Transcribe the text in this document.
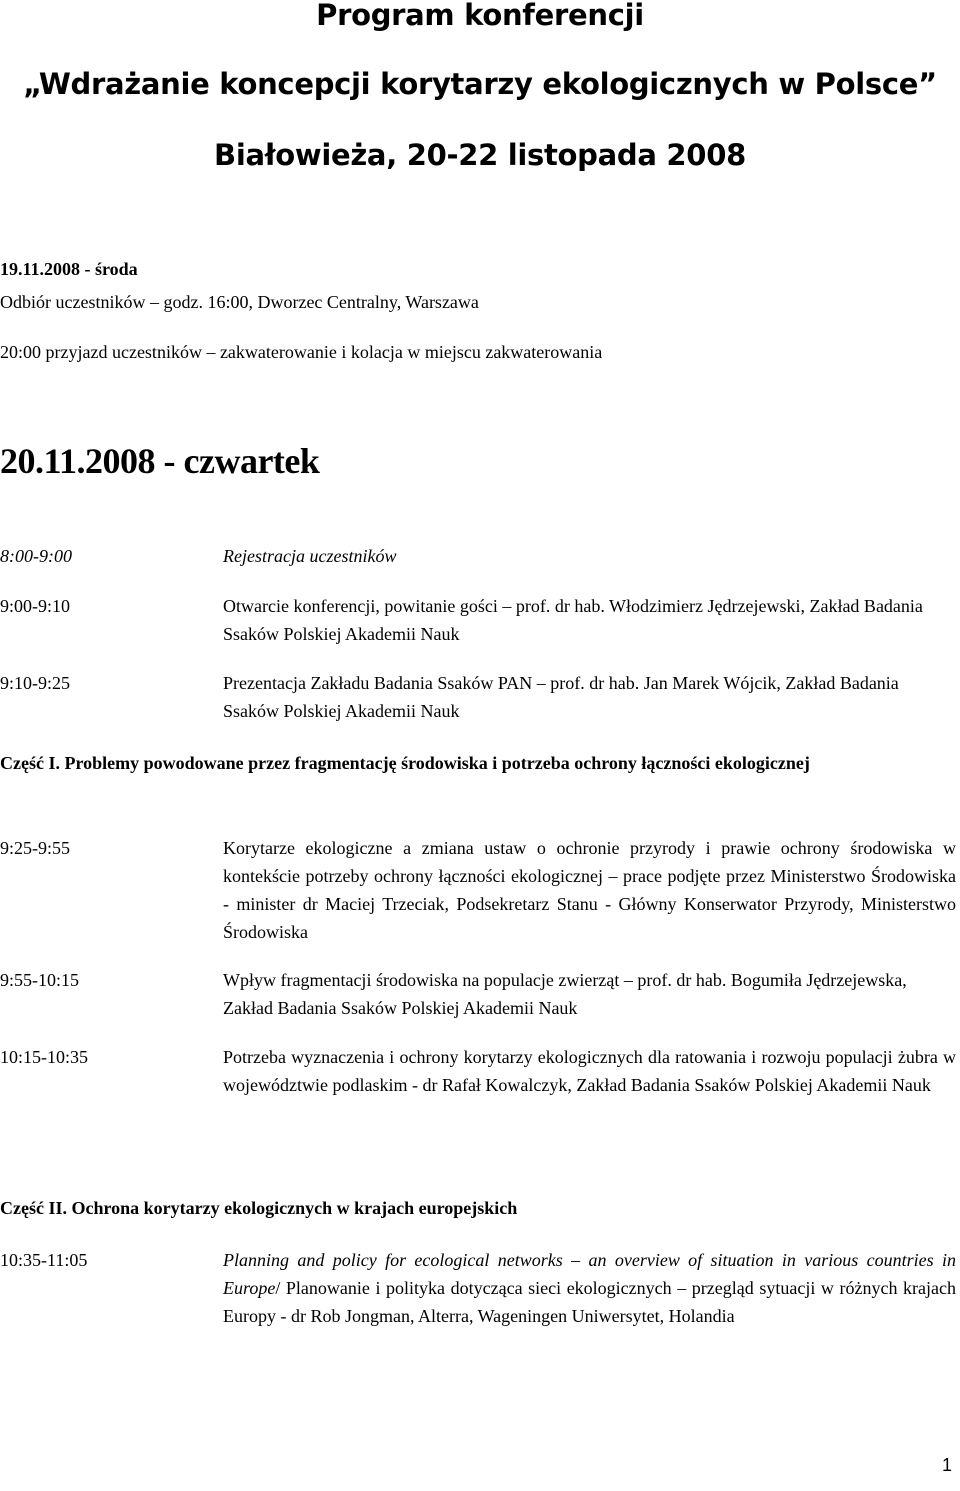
Program konferencji
„Wdrażanie koncepcji korytarzy ekologicznych w Polsce”
Białowieża, 20-22 listopada 2008
19.11.2008 - środa
Odbiór uczestników – godz. 16:00, Dworzec Centralny, Warszawa
20:00 przyjazd uczestników – zakwaterowanie i kolacja w miejscu zakwaterowania
20.11.2008 - czwartek
8:00-9:00	Rejestracja uczestników
9:00-9:10	Otwarcie konferencji, powitanie gości – prof. dr hab. Włodzimierz Jędrzejewski, Zakład Badania Ssaków Polskiej Akademii Nauk
9:10-9:25	Prezentacja Zakładu Badania Ssaków PAN – prof. dr hab. Jan Marek Wójcik, Zakład Badania Ssaków Polskiej Akademii Nauk
Część I. Problemy powodowane przez fragmentację środowiska i potrzeba ochrony łączności ekologicznej
9:25-9:55	Korytarze ekologiczne a zmiana ustaw o ochronie przyrody i prawie ochrony środowiska w kontekście potrzeby ochrony łączności ekologicznej – prace podjęte przez Ministerstwo Środowiska - minister dr Maciej Trzeciak, Podsekretarz Stanu - Główny Konserwator Przyrody, Ministerstwo Środowiska
9:55-10:15	Wpływ fragmentacji środowiska na populacje zwierząt – prof. dr hab. Bogumiła Jędrzejewska, Zakład Badania Ssaków Polskiej Akademii Nauk
10:15-10:35	Potrzeba wyznaczenia i ochrony korytarzy ekologicznych dla ratowania i rozwoju populacji żubra w województwie podlaskim - dr Rafał Kowalczyk, Zakład Badania Ssaków Polskiej Akademii Nauk
Część II. Ochrona korytarzy ekologicznych w krajach europejskich
10:35-11:05	Planning and policy for ecological networks – an overview of situation in various countries in Europe/ Planowanie i polityka dotycząca sieci ekologicznych – przegląd sytuacji w różnych krajach Europy - dr Rob Jongman, Alterra, Wageningen Uniwersytet, Holandia
1
